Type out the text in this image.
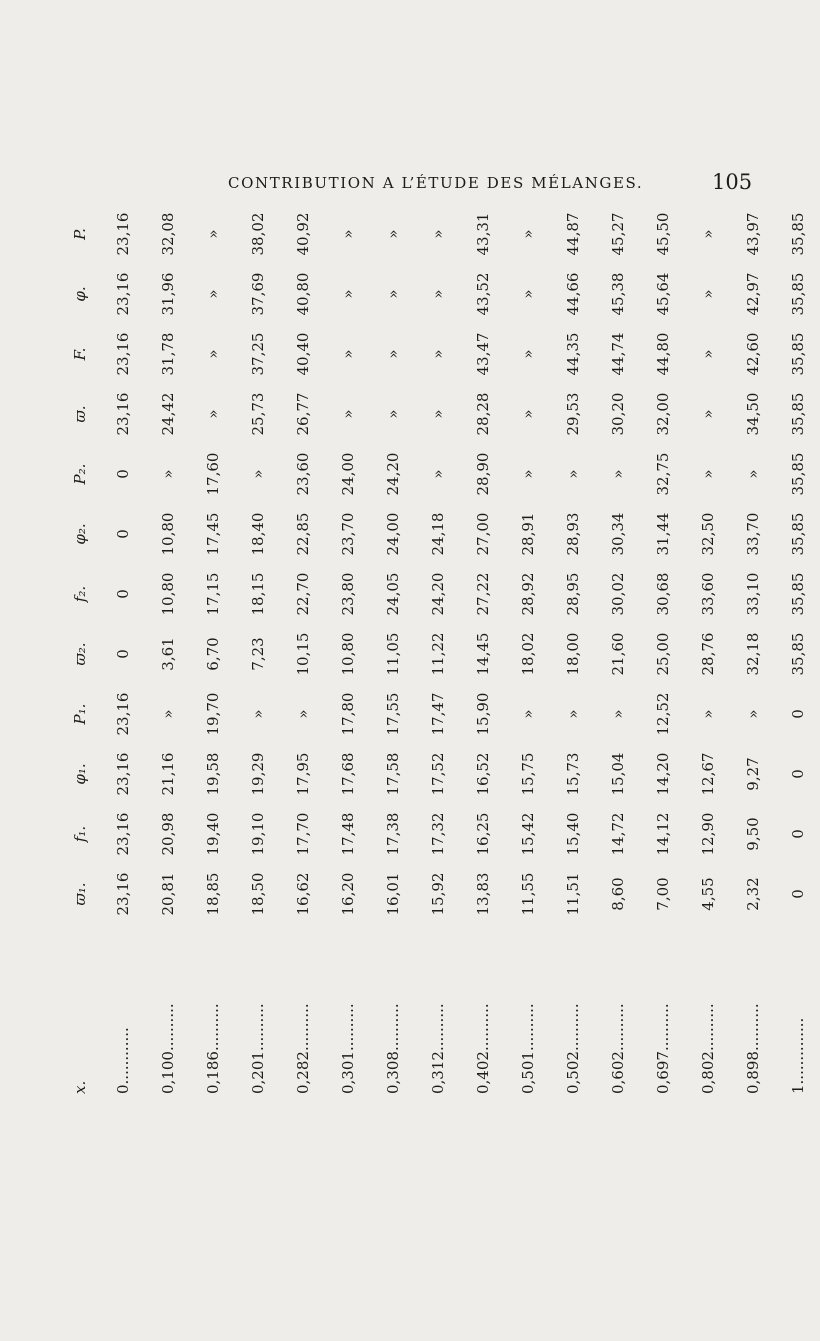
CONTRIBUTION A L’ÉTUDE DES MÉLANGES.	105
x.
ϖ₁.
f₁.
φ₁.
P₁.
ϖ₂.
f₂.
φ₂.
P₂.
ϖ.
F.
φ.
P.
0............
23,16
23,16
23,16
23,16
0
0
0
0
23,16
23,16
23,16
23,16
0,100..........
20,81
20,98
21,16
»
3,61
10,80
10,80
»
24,42
31,78
31,96
32,08
0,186..........
18,85
19,40
19,58
19,70
6,70
17,15
17,45
17,60
»
»
»
»
0,201..........
18,50
19,10
19,29
»
7,23
18,15
18,40
»
25,73
37,25
37,69
38,02
0,282..........
16,62
17,70
17,95
»
10,15
22,70
22,85
23,60
26,77
40,40
40,80
40,92
0,301..........
16,20
17,48
17,68
17,80
10,80
23,80
23,70
24,00
»
»
»
»
0,308..........
16,01
17,38
17,58
17,55
11,05
24,05
24,00
24,20
»
»
»
»
0,312..........
15,92
17,32
17,52
17,47
11,22
24,20
24,18
»
»
»
»
»
0,402..........
13,83
16,25
16,52
15,90
14,45
27,22
27,00
28,90
28,28
43,47
43,52
43,31
0,501..........
11,55
15,42
15,75
»
18,02
28,92
28,91
»
»
»
»
»
0,502..........
11,51
15,40
15,73
»
18,00
28,95
28,93
»
29,53
44,35
44,66
44,87
0,602..........
8,60
14,72
15,04
»
21,60
30,02
30,34
»
30,20
44,74
45,38
45,27
0,697..........
7,00
14,12
14,20
12,52
25,00
30,68
31,44
32,75
32,00
44,80
45,64
45,50
0,802..........
4,55
12,90
12,67
»
28,76
33,60
32,50
»
»
»
»
»
0,898..........
2,32
9,50
9,27
»
32,18
33,10
33,70
»
34,50
42,60
42,97
43,97
1..............
0
0
0
0
35,85
35,85
35,85
35,85
35,85
35,85
35,85
35,85
